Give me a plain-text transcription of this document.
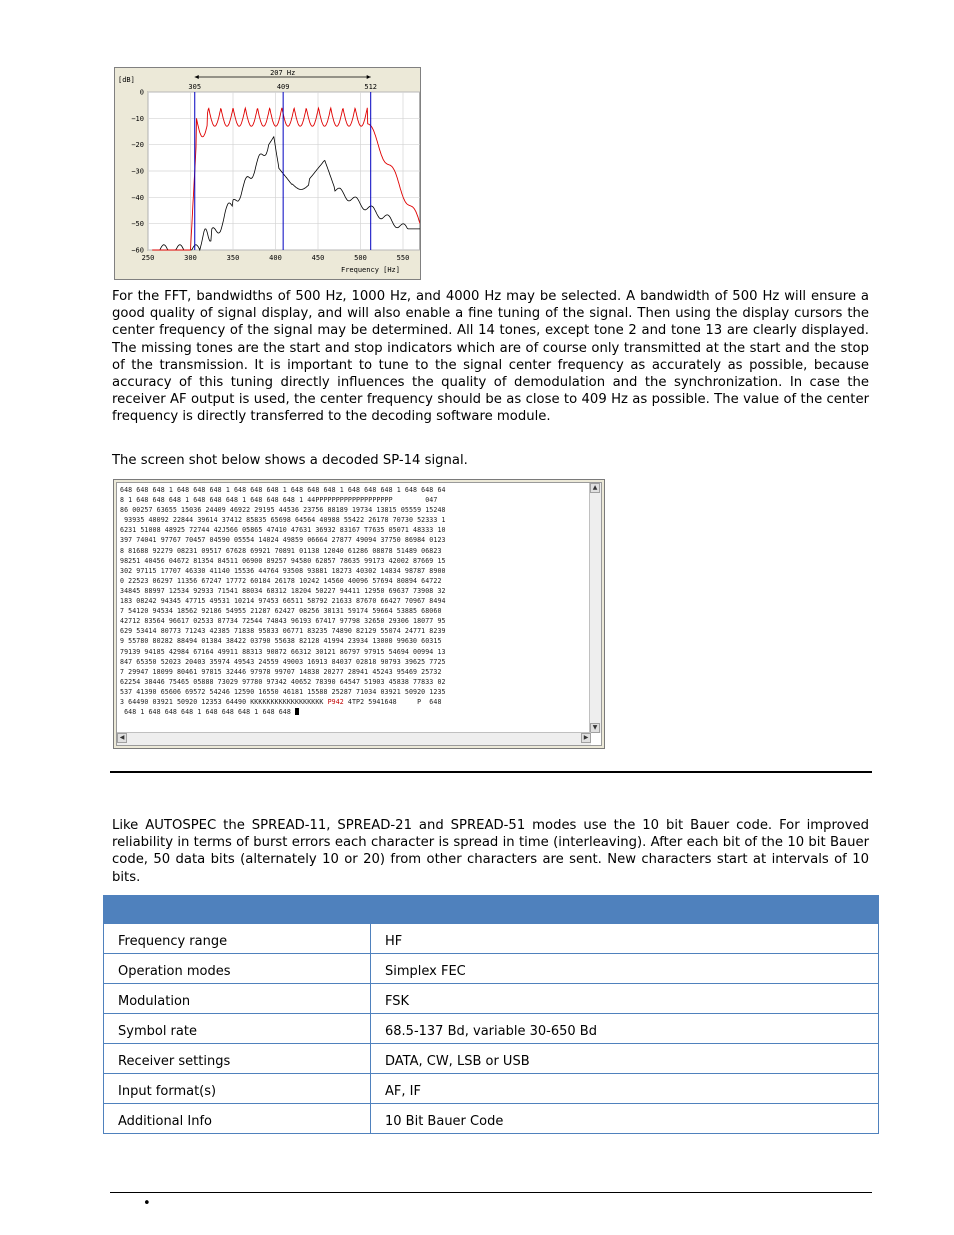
0
−10
−20
−30
−40
−50
−60
250	300	350	400	450	500	550
[dB]
Frequency [Hz]
305	409	512
207 Hz
For the FFT, bandwidths of 500 Hz, 1000 Hz, and 4000 Hz may be selected. A bandwidth of 500 Hz will ensure a good quality of signal display, and will also enable a fine tuning of the signal. Then using the display cursors the center frequency of the signal may be determined. All 14 tones, except tone 2 and tone 13 are clearly displayed. The missing tones are the start and stop indicators which are of course only transmitted at the start and the stop of the transmission. It is important to tune to the signal center frequency as accurately as possible, because accuracy of this tuning directly influences the quality of demodulation and the synchronization. In case the receiver AF output is used, the center frequency should be as close to 409 Hz as possible. The value of the center frequency is directly transferred to the decoding software module.
The screen shot below shows a decoded SP-14 signal.
648 648 648 1 648 648 648 1 648 648 648 1 648 648 648 1 648 648 648 1 648 648 64
8 1 648 648 648 1 648 648 648 1 648 648 648 1 44PPPPPPPPPPPPPPPPPPP        047
86 00257 63655 15036 24409 46922 29195 44536 23756 88189 19734 13815 05559 15248
93935 48092 22844 39614 37412 85835 65698 64564 40988 55422 26178 70730 52333 1
6231 51008 48925 72744 42J566 05865 47410 47631 36932 83167 T7635 05071 48333 10
397 74041 97767 70457 04590 05554 14024 49859 06664 27877 49094 37750 86984 0123
8 81688 92279 08231 09517 67628 69921 70891 01138 12040 61286 08878 51489 06823
98251 40456 04672 81354 84511 06900 89257 94580 62857 78635 99173 42002 87669 15
302 97115 17707 46330 41140 15536 44764 93508 93881 18273 40302 14834 98787 8900
0 22523 06297 11356 67247 17772 60184 26178 10242 14560 40096 57694 80894 64722
34845 88997 12534 92933 71541 88034 68312 18204 50227 94411 12950 69637 73908 32
183 08242 94345 47715 49531 10214 97453 66511 58792 21633 87670 66427 70967 8494
7 54120 94534 18562 92186 54955 21287 62427 08256 38131 59174 59664 53885 68060
42712 83564 96617 02533 87734 72544 74843 96193 67417 97798 32650 29306 18077 95
629 53414 80773 71243 42385 71838 95833 06771 83235 74890 82129 55074 24771 8239
9 55780 80282 88494 01384 38422 03790 55638 82128 41994 23934 13000 99630 60315
79139 94185 42984 67164 49911 88313 90872 66312 30121 86797 97915 54694 00994 13
847 65350 52023 20403 35974 49543 24559 49003 16913 84037 02818 90793 39625 7725
7 29947 18099 80461 97815 32446 97978 99707 14838 20277 28941 45243 95469 25732
62254 38446 75465 05888 73029 97780 97342 40652 78390 64547 51903 45838 77833 02
537 41390 65606 69572 54246 12590 16550 46181 15588 25287 71034 03921 50920 1235
3 64490 03921 50920 12353 64490 KKKKKKKKKKKKKKKKKK P942 4TP2 5941648     P  648
648 1 648 648 648 1 648 648 648 1 648 648
▲
▼
◀	▶
Like AUTOSPEC the SPREAD-11, SPREAD-21 and SPREAD-51 modes use the 10 bit Bauer code. For improved reliability in terms of burst errors each character is spread in time (interleaving). After each bit of the 10 bit Bauer code, 50 data bits (alternately 10 or 20) from other characters are sent. New characters start at intervals of 10 bits.

Frequency range	HF
Operation modes	Simplex FEC
Modulation	FSK
Symbol rate	68.5-137 Bd, variable 30-650 Bd
Receiver settings	DATA, CW, LSB or USB
Input format(s)	AF, IF
Additional Info	10 Bit Bauer Code
•
